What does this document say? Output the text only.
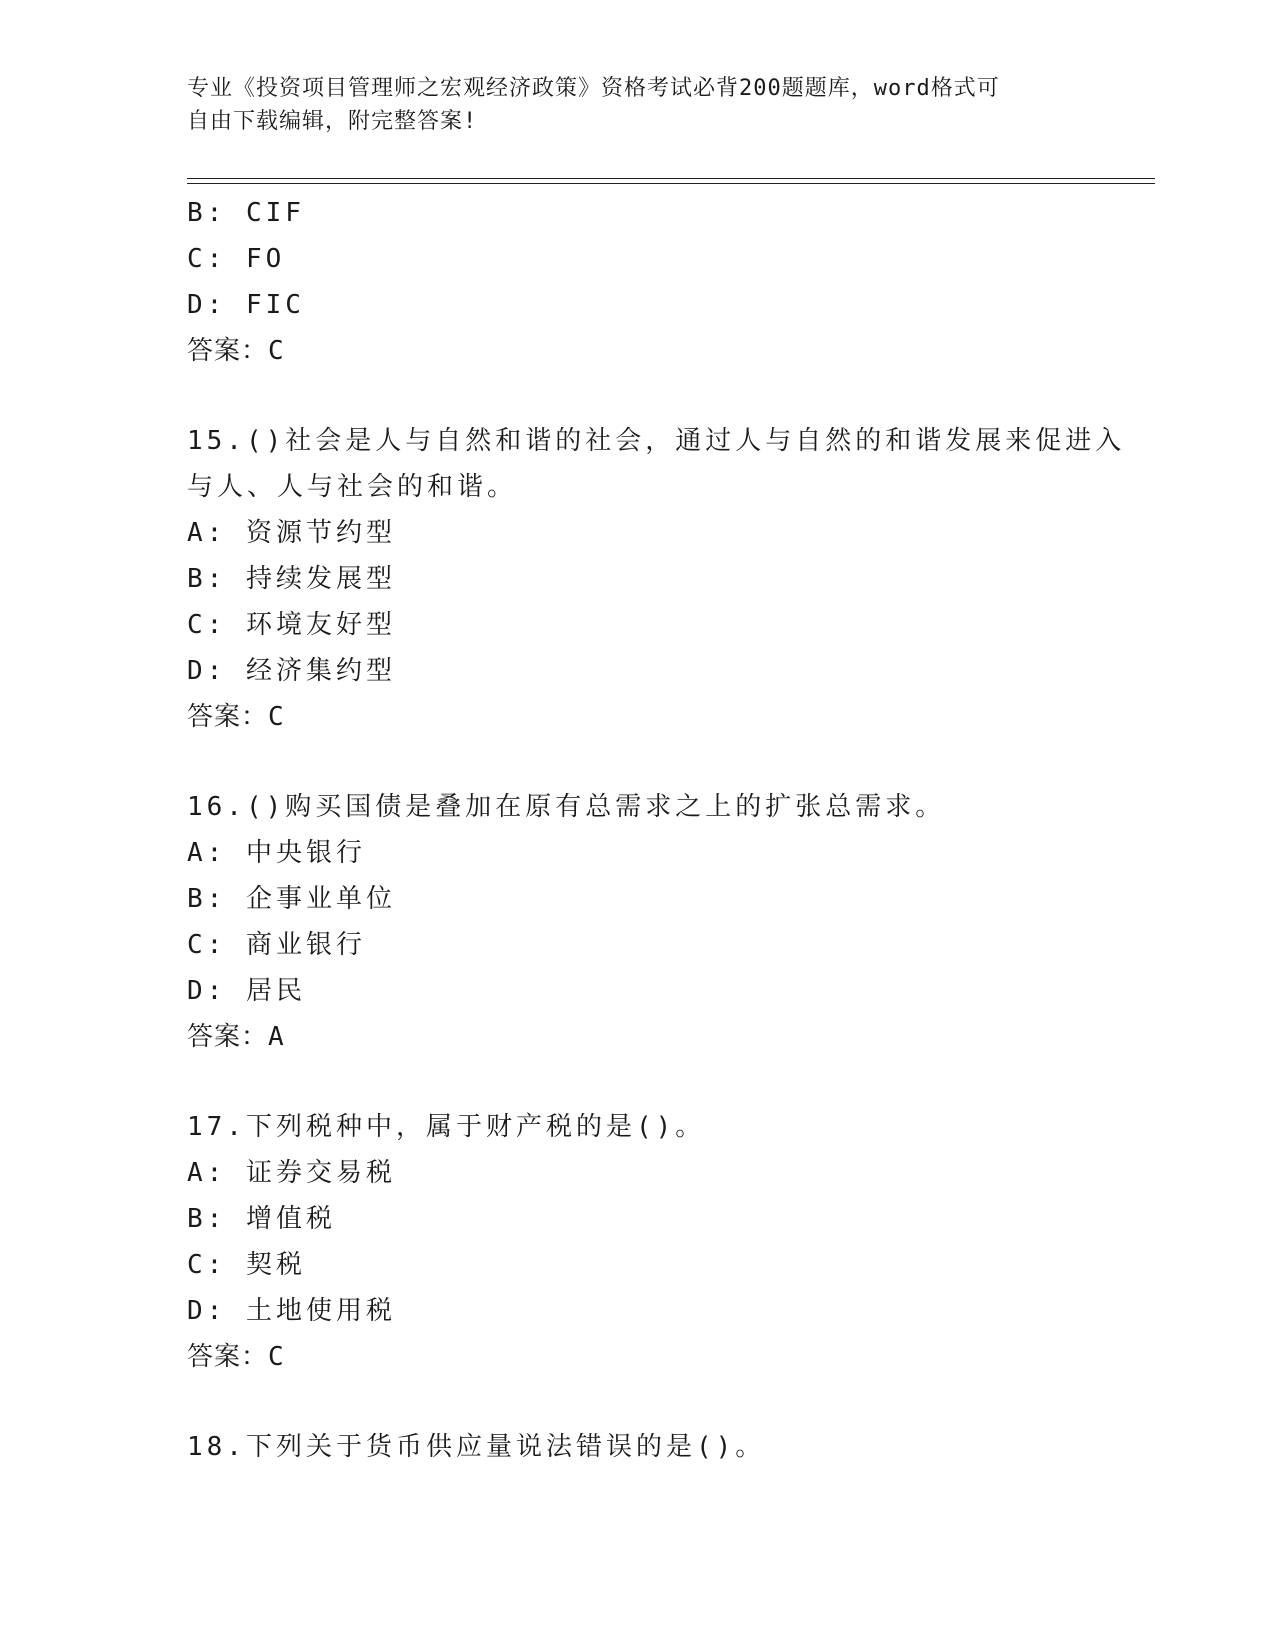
专业《投资项目管理师之宏观经济政策》资格考试必背200题题库，word格式可
自由下载编辑，附完整答案!
B: CIF
C: FO
D: FIC
答案：C
15.()社会是人与自然和谐的社会，通过人与自然的和谐发展来促进入
与人、人与社会的和谐。
A: 资源节约型
B: 持续发展型
C: 环境友好型
D: 经济集约型
答案：C
16.()购买国债是叠加在原有总需求之上的扩张总需求。
A: 中央银行
B: 企事业单位
C: 商业银行
D: 居民
答案：A
17.下列税种中，属于财产税的是()。
A: 证券交易税
B: 增值税
C: 契税
D: 土地使用税
答案：C
18.下列关于货币供应量说法错误的是()。
